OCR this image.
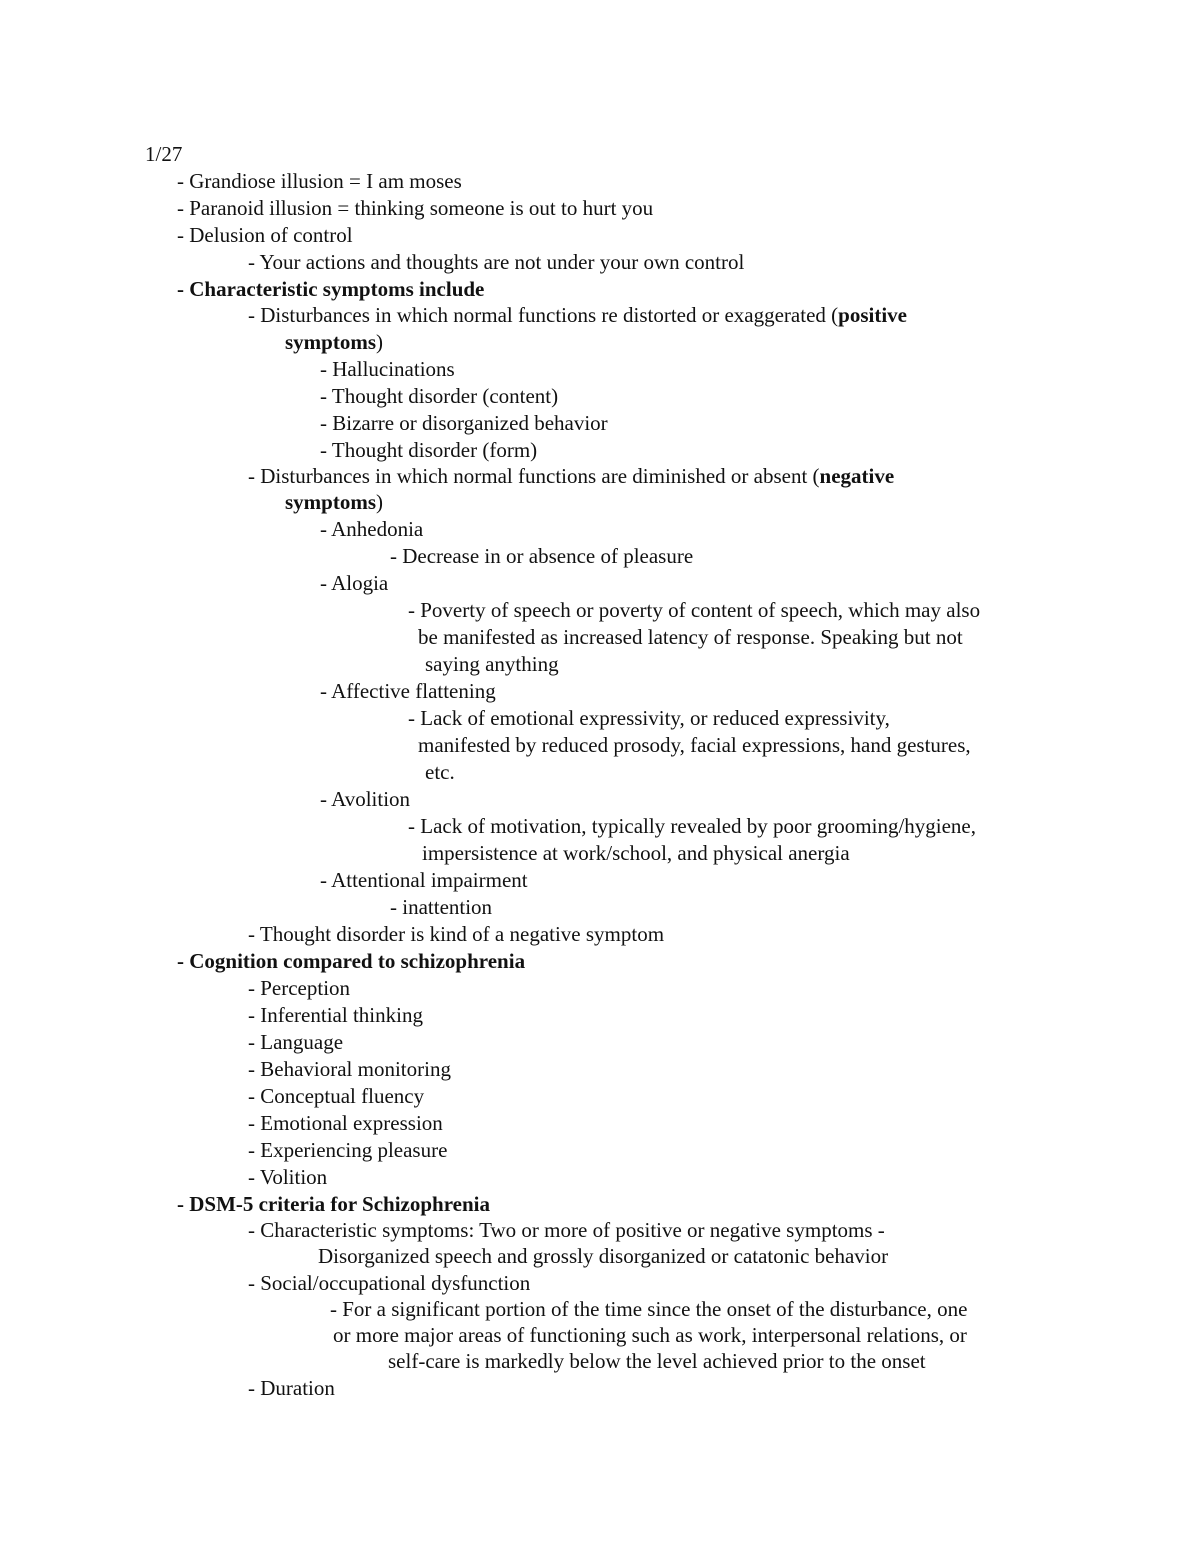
1/27
- Grandiose illusion = I am moses
- Paranoid illusion = thinking someone is out to hurt you
- Delusion of control
- Your actions and thoughts are not under your own control
- Characteristic symptoms include
- Disturbances in which normal functions re distorted or exaggerated (positive
symptoms)
- Hallucinations
- Thought disorder (content)
- Bizarre or disorganized behavior
- Thought disorder (form)
- Disturbances in which normal functions are diminished or absent (negative
symptoms)
- Anhedonia
- Decrease in or absence of pleasure
- Alogia
- Poverty of speech or poverty of content of speech, which may also
be manifested as increased latency of response. Speaking but not
saying anything
- Affective flattening
- Lack of emotional expressivity, or reduced expressivity,
manifested by reduced prosody, facial expressions, hand gestures,
etc.
- Avolition
- Lack of motivation, typically revealed by poor grooming/hygiene,
impersistence at work/school, and physical anergia
- Attentional impairment
- inattention
- Thought disorder is kind of a negative symptom
- Cognition compared to schizophrenia
- Perception
- Inferential thinking
- Language
- Behavioral monitoring
- Conceptual fluency
- Emotional expression
- Experiencing pleasure
- Volition
- DSM-5 criteria for Schizophrenia
- Characteristic symptoms: Two or more of positive or negative symptoms -
Disorganized speech and grossly disorganized or catatonic behavior
- Social/occupational dysfunction
- For a significant portion of the time since the onset of the disturbance, one
or more major areas of functioning such as work, interpersonal relations, or
self-care is markedly below the level achieved prior to the onset
- Duration
